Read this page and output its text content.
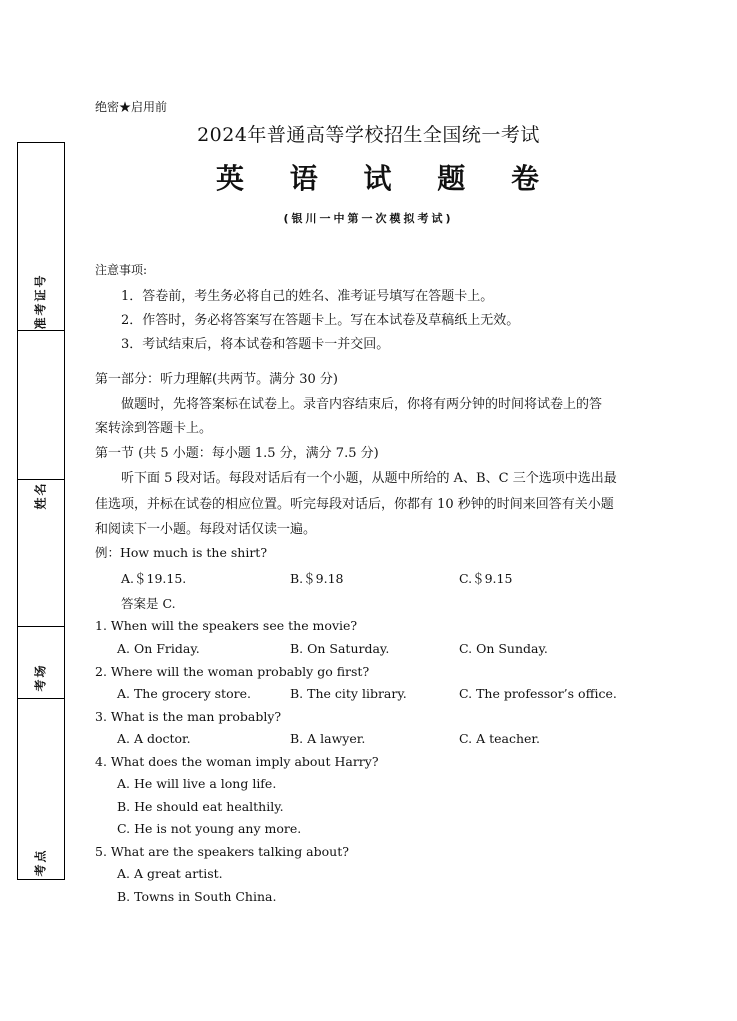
准考证号
姓名
考场
考点
绝密★启用前
2024年普通高等学校招生全国统一考试
英 语 试 题 卷
(银川一中第一次模拟考试)
注意事项:
1．答卷前，考生务必将自己的姓名、准考证号填写在答题卡上。
2．作答时，务必将答案写在答题卡上。写在本试卷及草稿纸上无效。
3．考试结束后，将本试卷和答题卡一并交回。
第一部分：听力理解(共两节。满分 30 分)
做题时，先将答案标在试卷上。录音内容结束后，你将有两分钟的时间将试卷上的答
案转涂到答题卡上。
第一节 (共 5 小题：每小题 1.5 分，满分 7.5 分)
听下面 5 段对话。每段对话后有一个小题，从题中所给的 A、B、C 三个选项中选出最
佳选项，并标在试卷的相应位置。听完每段对话后，你都有 10 秒钟的时间来回答有关小题
和阅读下一小题。每段对话仅读一遍。
例：How much is the shirt?
A.＄19.15.	B.＄9.18	C.＄9.15
答案是 C.
1. When will the speakers see the movie?
A. On Friday.	B. On Saturday.	C. On Sunday.
2. Where will the woman probably go first?
A. The grocery store.	B. The city library.	C. The professor’s office.
3. What is the man probably?
A. A doctor.	B. A lawyer.	C. A teacher.
4. What does the woman imply about Harry?
A. He will live a long life.
B. He should eat healthily.
C. He is not young any more.
5. What are the speakers talking about?
A. A great artist.
B. Towns in South China.
